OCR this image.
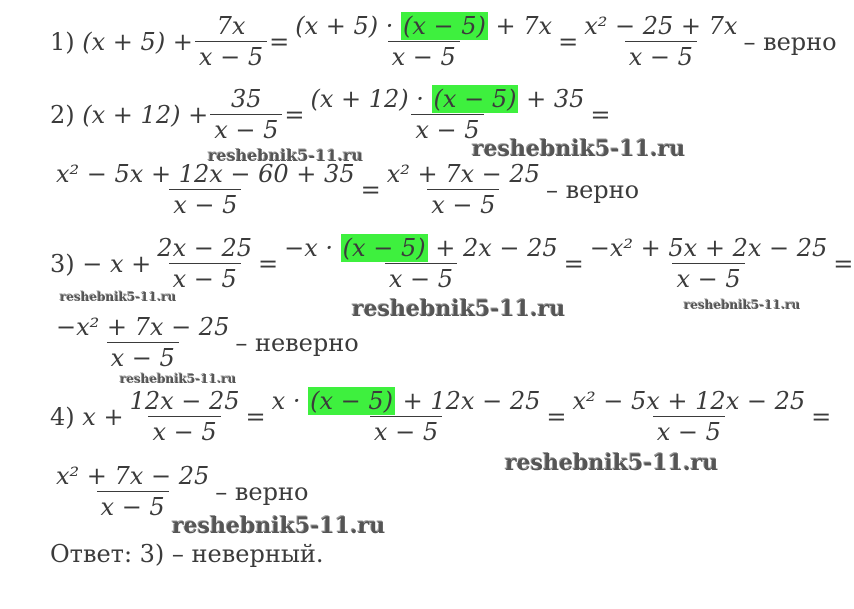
1)
$(x + 5) + \frac{7x}{x - 5} = \frac{(x + 5) \cdot (x - 5) + 7x}{x - 5} = \frac{\text{x² − 25 + 7x}}{x - 5}$ – верно
2)
$(x + 12) + \frac{35}{x - 5} = \frac{(x + 12) \cdot (x - 5) + 35}{x - 5}$ =
$\frac{\text{x² − 5x + 12x − 60 + 35}}{x - 5} = \frac{\text{x² + 7x − 25}}{x - 5}$ – верно
3)
− $x + \frac{2x - 25}{x - 5} = \frac{-x \cdot (x - 5) + 2x - 25}{x - 5} = \frac{\text{−x² + 5x + 2x − 25}}{x - 5}$ =
$\frac{\text{−x² + 7x − 25}}{x - 5}$ – неверно
4)
$x + \frac{12x - 25}{x - 5} = \frac{x \cdot (x - 5) + 12x - 25}{x - 5} = \frac{\text{x² − 5x + 12x − 25}}{x - 5}$ =
$\frac{\text{x² + 7x − 25}}{x - 5}$ – верно
Ответ: 3) – неверный.
reshebnik5-11.ru	reshebnik5-11.ru
reshebnik5-11.ru	reshebnik5-11.ru	reshebnik5-11.ru
reshebnik5-11.ru
reshebnik5-11.ru
reshebnik5-11.ru
